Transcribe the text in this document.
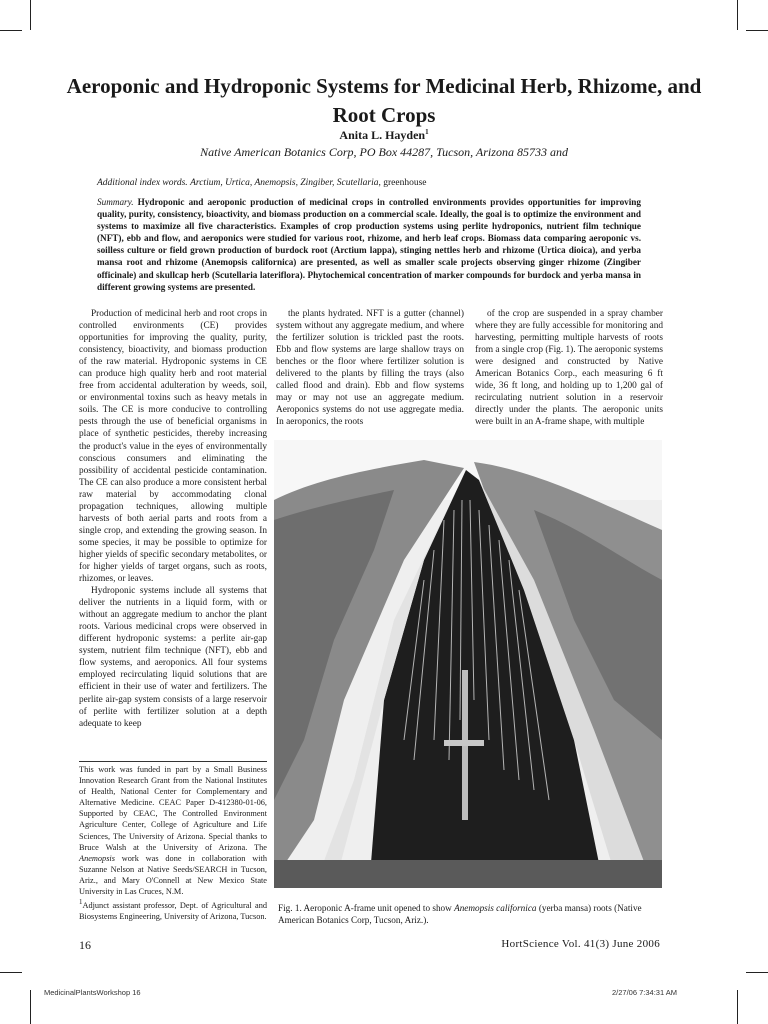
Aeroponic and Hydroponic Systems for Medicinal Herb, Rhizome, and Root Crops
Anita L. Hayden$^1$
Native American Botanics Corp, PO Box 44287, Tucson, Arizona 85733 and
Additional index words. Arctium, Urtica, Anemopsis, Zingiber, Scutellaria, greenhouse

Summary. Hydroponic and aeroponic production of medicinal crops in controlled environments provides opportunities for improving quality, purity, consistency, bioactivity, and biomass production on a commercial scale. Ideally, the goal is to optimize the environment and systems to maximize all five characteristics. Examples of crop production systems using perlite hydroponics, nutrient film technique (NFT), ebb and flow, and aeroponics were studied for various root, rhizome, and herb leaf crops. Biomass data comparing aeroponic vs. soilless culture or field grown production of burdock root (Arctium lappa), stinging nettles herb and rhizome (Urtica dioica), and yerba mansa root and rhizome (Anemopsis californica) are presented, as well as smaller scale projects observing ginger rhizome (Zingiber officinale) and skullcap herb (Scutellaria lateriflora). Phytochemical concentration of marker compounds for burdock and yerba mansa in different growing systems are presented.

Production of medicinal herb and root crops in controlled environments (CE) provides opportunities for improving the quality, purity, consistency, bioactivity, and biomass production of the raw material. Hydroponic systems in CE can produce high quality herb and root material free from accidental adulteration by weeds, soil, or environmental toxins such as heavy metals in soils. The CE is more conducive to controlling pests through the use of beneficial organisms in place of synthetic pesticides, thereby increasing the product's value in the eyes of environmentally conscious consumers and eliminating the possibility of accidental pesticide contamination. The CE can also produce a more consistent herbal raw material by accommodating clonal propagation techniques, allowing multiple harvests of both aerial parts and roots from a single crop, and extending the growing season. In some species, it may be possible to optimize for higher yields of specific secondary metabolites, or for higher yields of target organs, such as roots, rhizomes, or leaves.

Hydroponic systems include all systems that deliver the nutrients in a liquid form, with or without an aggregate medium to anchor the plant roots. Various medicinal crops were observed in different hydroponic systems: a perlite air-gap system, nutrient film technique (NFT), ebb and flow systems, and aeroponics. All four systems employed recirculating liquid solutions that are efficient in their use of water and fertilizers. The perlite air-gap system consists of a large reservoir of perlite with fertilizer solution at a depth adequate to keep

the plants hydrated. NFT is a gutter (channel) system without any aggregate medium, and where the fertilizer solution is trickled past the roots. Ebb and flow systems are large shallow trays on benches or the floor where fertilizer solution is delivered to the plants by filling the trays (also called flood and drain). Ebb and flow systems may or may not use an aggregate medium. Aeroponics systems do not use aggregate media. In aeroponics, the roots

of the crop are suspended in a spray chamber where they are fully accessible for monitoring and harvesting, permitting multiple harvests of roots from a single crop (Fig. 1). The aeroponic systems were designed and constructed by Native American Botanics Corp., each measuring 6 ft wide, 36 ft long, and holding up to 1,200 gal of recirculating nutrient solution in a reservoir directly under the plants. The aeroponic units were built in an A-frame shape, with multiple

This work was funded in part by a Small Business Innovation Research Grant from the National Institutes of Health, National Center for Complementary and Alternative Medicine. CEAC Paper D-412380-01-06, Supported by CEAC, The Controlled Environment Agriculture Center, College of Agriculture and Life Sciences, The University of Arizona. Special thanks to Bruce Walsh at the University of Arizona. The Anemopsis work was done in collaboration with Suzanne Nelson at Native Seeds/SEARCH in Tucson, Ariz., and Mary O'Connell at New Mexico State University in Las Cruces, N.M.

$^1$Adjunct assistant professor, Dept. of Agricultural and Biosystems Engineering, University of Arizona, Tucson.

Fig. 1. Aeroponic A-frame unit opened to show Anemopsis californica (yerba mansa) roots (Native American Botanics Corp, Tucson, Ariz.).

16	HortScience Vol. 41(3) June 2006
MedicinalPlantsWorkshop 16	2/27/06 7:34:31 AM
